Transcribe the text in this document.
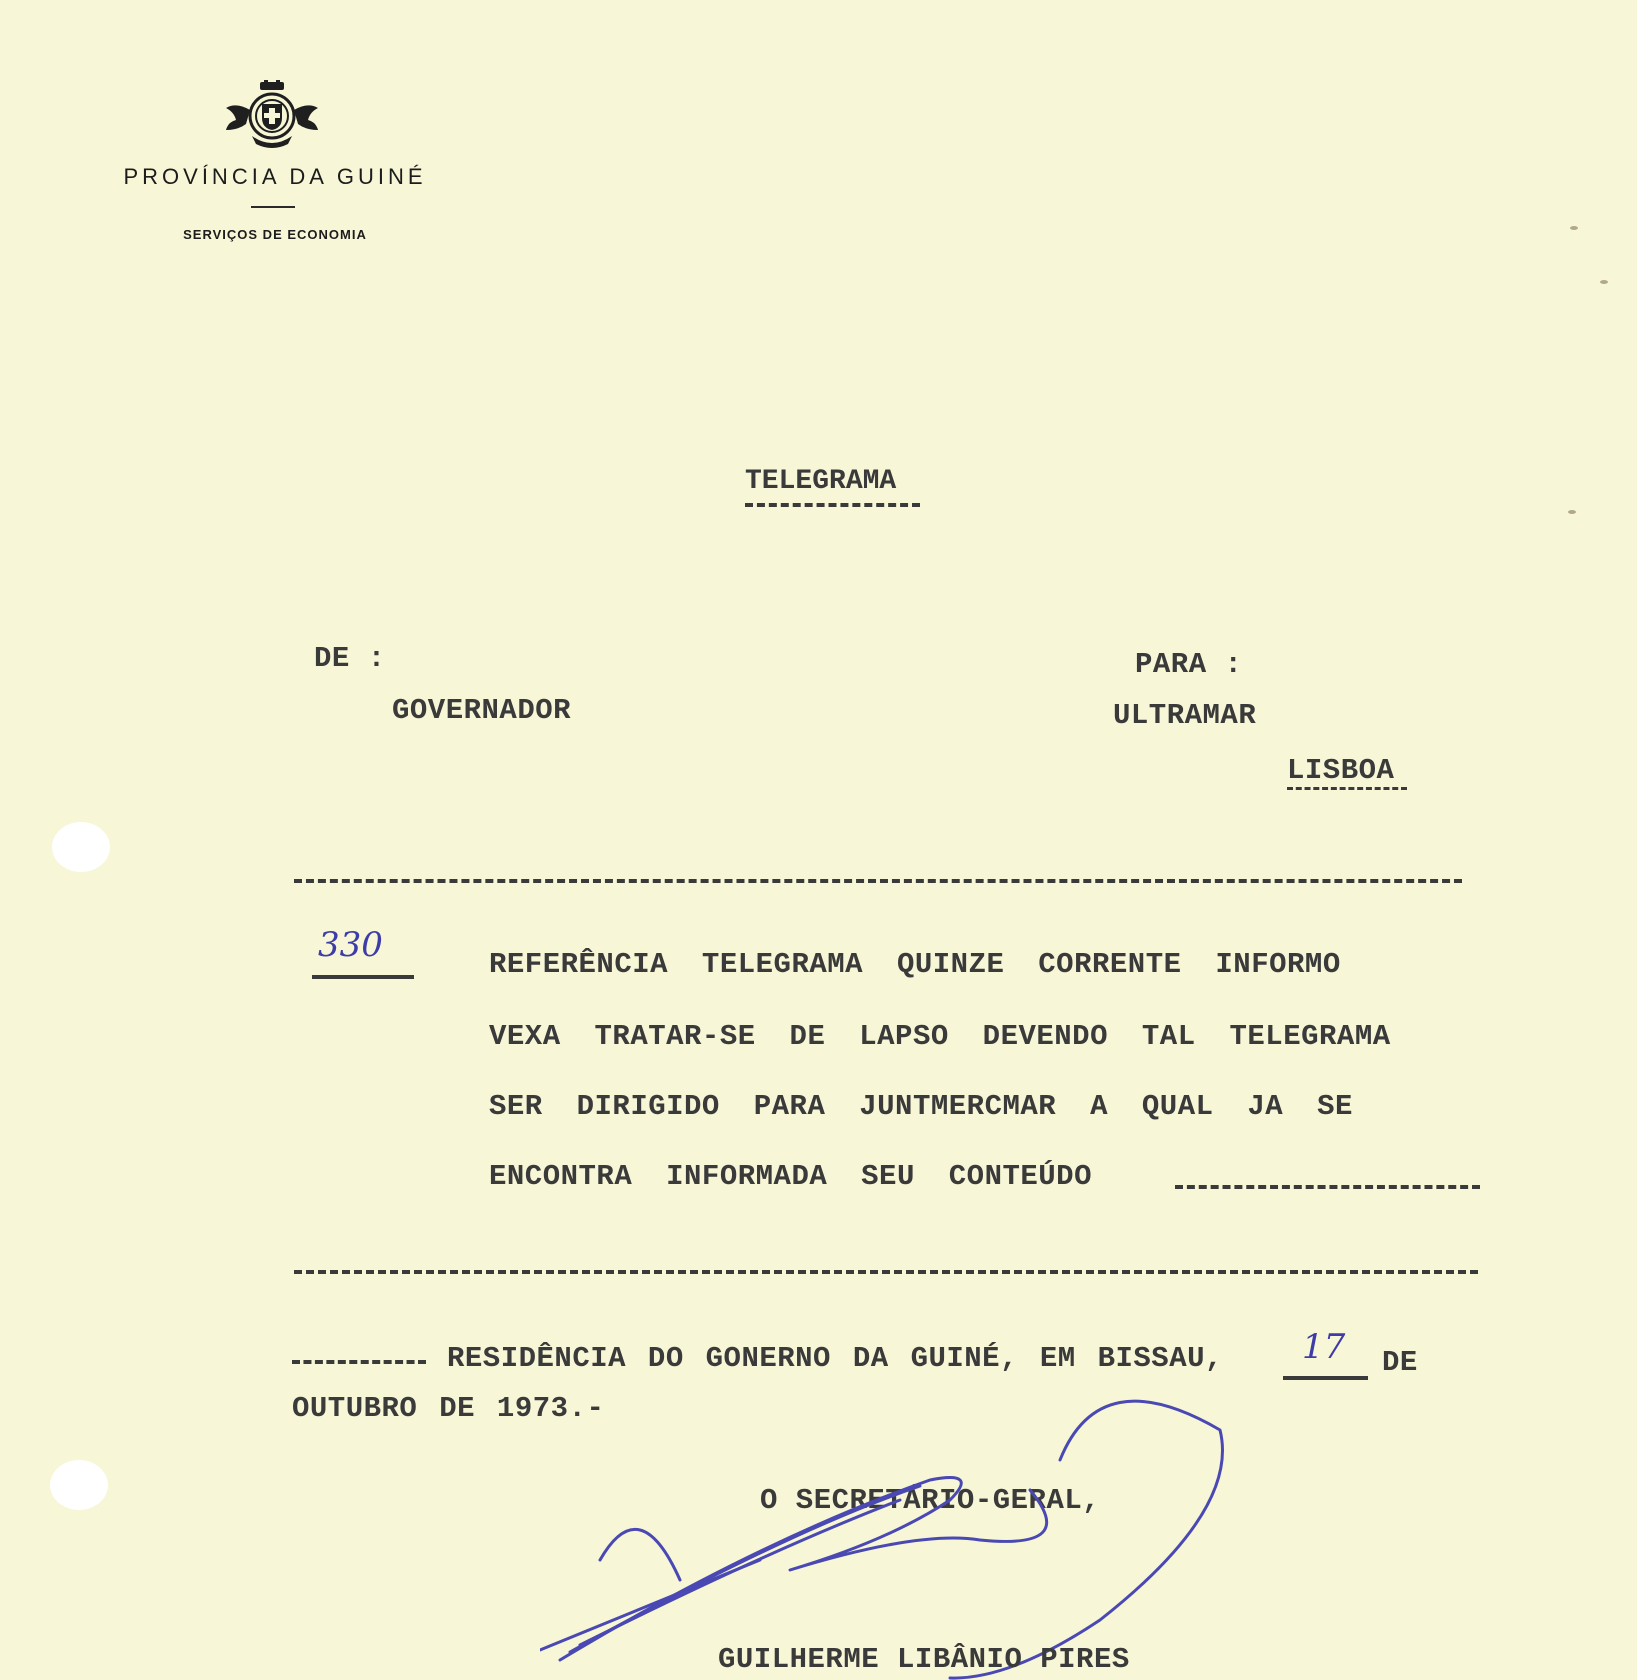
PROVÍNCIA DA GUINÉ
SERVIÇOS DE ECONOMIA
TELEGRAMA
DE :
GOVERNADOR
PARA :
ULTRAMAR
LISBOA
330	REFERÊNCIA TELEGRAMA QUINZE CORRENTE INFORMO
VEXA TRATAR-SE DE LAPSO DEVENDO TAL TELEGRAMA
SER DIRIGIDO PARA JUNTMERCMAR A QUAL JA SE
ENCONTRA INFORMADA SEU CONTEÚDO
RESIDÊNCIA DO GONERNO DA GUINÉ, EM BISSAU, 17 DE
OUTUBRO DE 1973.-
O SECRETÁRIO-GERAL,
GUILHERME LIBÂNIO PIRES
